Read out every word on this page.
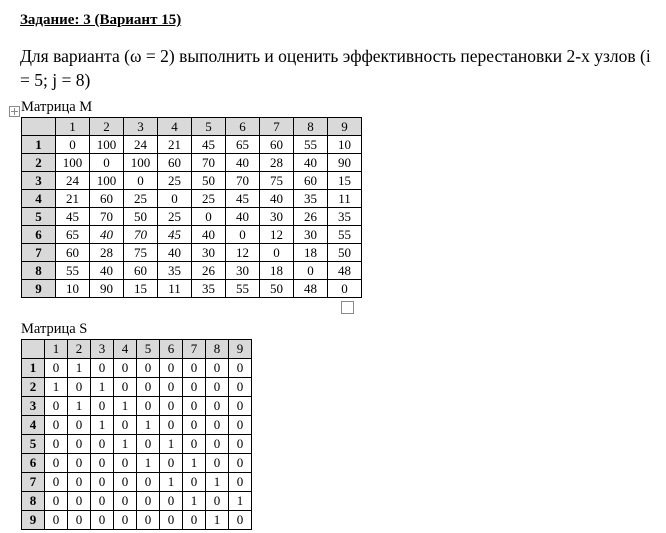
Задание: 3 (Вариант 15)
Для варианта (ω = 2) выполнить и оценить эффективность перестановки 2-х узлов (i = 5; j = 8)
Матрица M
	1	2	3	4	5	6	7	8	9
1	0	100	24	21	45	65	60	55	10
2	100	0	100	60	70	40	28	40	90
3	24	100	0	25	50	70	75	60	15
4	21	60	25	0	25	45	40	35	11
5	45	70	50	25	0	40	30	26	35
6	65	40	70	45	40	0	12	30	55
7	60	28	75	40	30	12	0	18	50
8	55	40	60	35	26	30	18	0	48
9	10	90	15	11	35	55	50	48	0
Матрица S
	1	2	3	4	5	6	7	8	9
1	0	1	0	0	0	0	0	0	0
2	1	0	1	0	0	0	0	0	0
3	0	1	0	1	0	0	0	0	0
4	0	0	1	0	1	0	0	0	0
5	0	0	0	1	0	1	0	0	0
6	0	0	0	0	1	0	1	0	0
7	0	0	0	0	0	1	0	1	0
8	0	0	0	0	0	0	1	0	1
9	0	0	0	0	0	0	0	1	0
